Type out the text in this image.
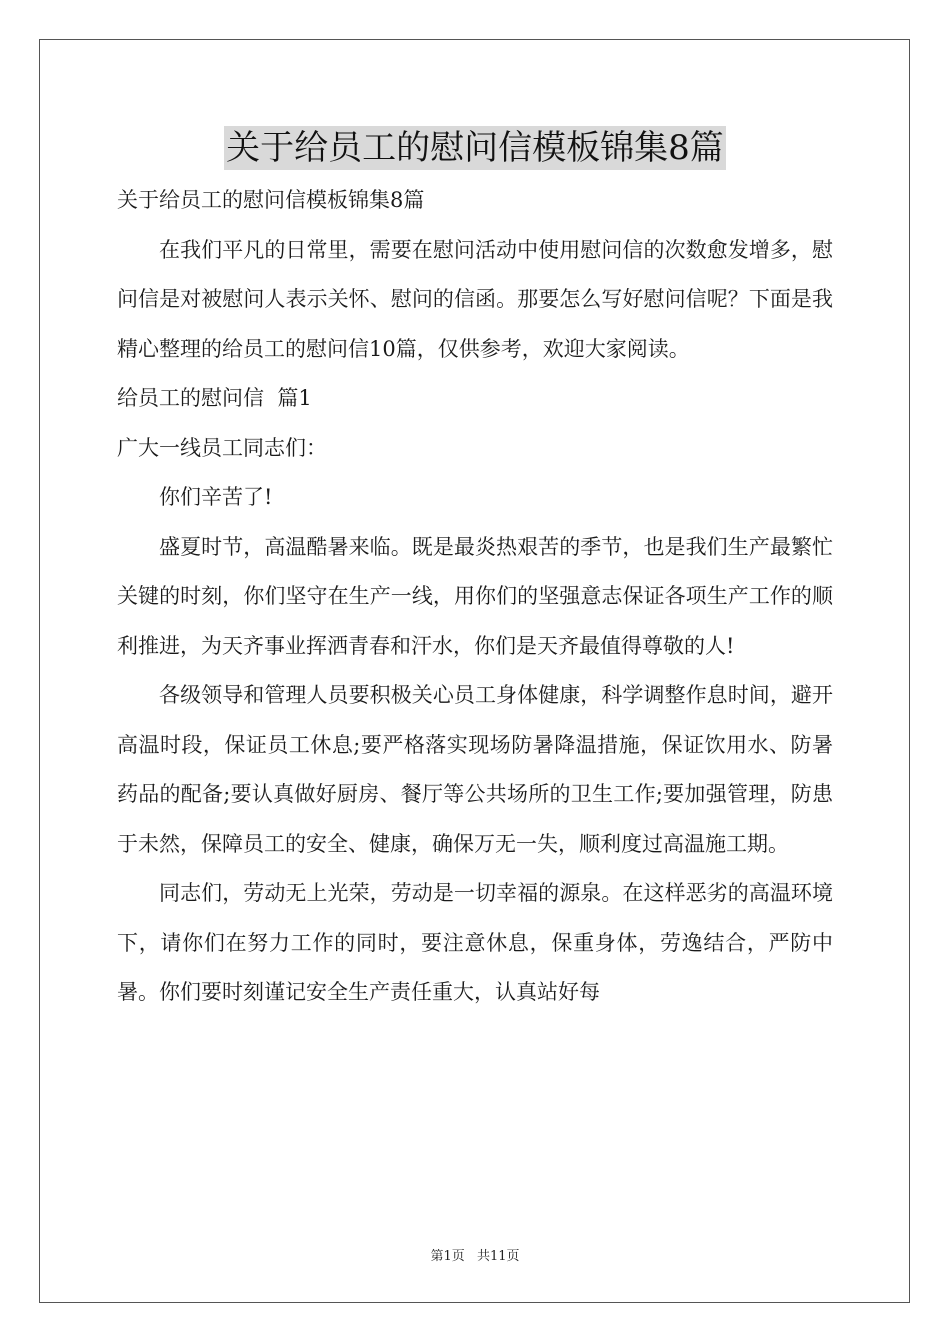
关于给员工的慰问信模板锦集8篇
关于给员工的慰问信模板锦集8篇

在我们平凡的日常里，需要在慰问活动中使用慰问信的次数愈发增多，慰问信是对被慰问人表示关怀、慰问的信函。那要怎么写好慰问信呢？下面是我精心整理的给员工的慰问信10篇，仅供参考，欢迎大家阅读。

给员工的慰问信  篇1
广大一线员工同志们：

你们辛苦了!

盛夏时节，高温酷暑来临。既是最炎热艰苦的季节，也是我们生产最繁忙关键的时刻，你们坚守在生产一线，用你们的坚强意志保证各项生产工作的顺利推进，为天齐事业挥洒青春和汗水，你们是天齐最值得尊敬的人!

各级领导和管理人员要积极关心员工身体健康，科学调整作息时间，避开高温时段，保证员工休息;要严格落实现场防暑降温措施，保证饮用水、防暑药品的配备;要认真做好厨房、餐厅等公共场所的卫生工作;要加强管理，防患于未然，保障员工的安全、健康，确保万无一失，顺利度过高温施工期。

同志们，劳动无上光荣，劳动是一切幸福的源泉。在这样恶劣的高温环境下，请你们在努力工作的同时，要注意休息，保重身体，劳逸结合，严防中暑。你们要时刻谨记安全生产责任重大，认真站好每

第1页 共11页
